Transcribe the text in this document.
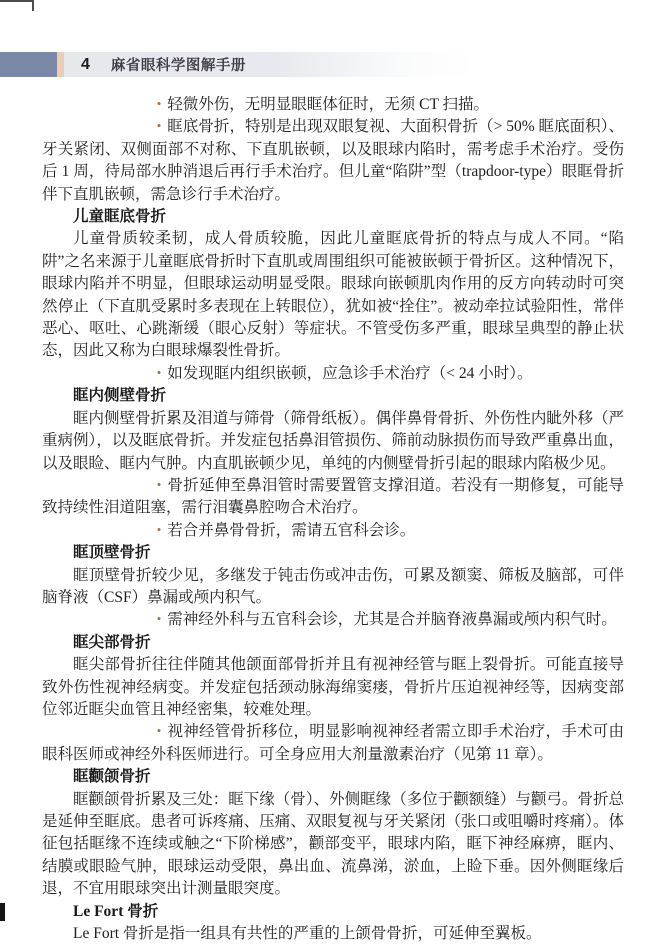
4 麻省眼科学图解手册

• 轻微外伤，无明显眼眶体征时，无须 CT 扫描。

• 眶底骨折，特别是出现双眼复视、大面积骨折（> 50% 眶底面积）、牙关紧闭、双侧面部不对称、下直肌嵌顿，以及眼球内陷时，需考虑手术治疗。受伤后 1 周，待局部水肿消退后再行手术治疗。但儿童“陷阱”型（trapdoor-type）眼眶骨折伴下直肌嵌顿，需急诊行手术治疗。

儿童眶底骨折

儿童骨质较柔韧，成人骨质较脆，因此儿童眶底骨折的特点与成人不同。“陷阱”之名来源于儿童眶底骨折时下直肌或周围组织可能被嵌顿于骨折区。这种情况下，眼球内陷并不明显，但眼球运动明显受限。眼球向嵌顿肌肉作用的反方向转动时可突然停止（下直肌受累时多表现在上转眼位），犹如被“拴住”。被动牵拉试验阳性，常伴恶心、呕吐、心跳渐缓（眼心反射）等症状。不管受伤多严重，眼球呈典型的静止状态，因此又称为白眼球爆裂性骨折。

• 如发现眶内组织嵌顿，应急诊手术治疗（< 24 小时）。

眶内侧壁骨折

眶内侧壁骨折累及泪道与筛骨（筛骨纸板）。偶伴鼻骨骨折、外伤性内眦外移（严重病例），以及眶底骨折。并发症包括鼻泪管损伤、筛前动脉损伤而导致严重鼻出血，以及眼睑、眶内气肿。内直肌嵌顿少见，单纯的内侧壁骨折引起的眼球内陷极少见。

• 骨折延伸至鼻泪管时需要置管支撑泪道。若没有一期修复，可能导致持续性泪道阻塞，需行泪囊鼻腔吻合术治疗。

• 若合并鼻骨骨折，需请五官科会诊。

眶顶壁骨折

眶顶壁骨折较少见，多继发于钝击伤或冲击伤，可累及额窦、筛板及脑部，可伴脑脊液（CSF）鼻漏或颅内积气。

• 需神经外科与五官科会诊，尤其是合并脑脊液鼻漏或颅内积气时。

眶尖部骨折

眶尖部骨折往往伴随其他颌面部骨折并且有视神经管与眶上裂骨折。可能直接导致外伤性视神经病变。并发症包括颈动脉海绵窦瘘，骨折片压迫视神经等，因病变部位邻近眶尖血管且神经密集，较难处理。

• 视神经管骨折移位，明显影响视神经者需立即手术治疗，手术可由眼科医师或神经外科医师进行。可全身应用大剂量激素治疗（见第 11 章）。

眶颧颌骨折

眶颧颌骨折累及三处：眶下缘（骨）、外侧眶缘（多位于颧额缝）与颧弓。骨折总是延伸至眶底。患者可诉疼痛、压痛、双眼复视与牙关紧闭（张口或咀嚼时疼痛）。体征包括眶缘不连续或触之“下阶梯感”，颧部变平，眼球内陷，眶下神经麻痹，眶内、结膜或眼睑气肿，眼球运动受限，鼻出血、流鼻涕，淤血，上睑下垂。因外侧眶缘后退，不宜用眼球突出计测量眼突度。

Le Fort 骨折

Le Fort 骨折是指一组具有共性的严重的上颌骨骨折，可延伸至翼板。
